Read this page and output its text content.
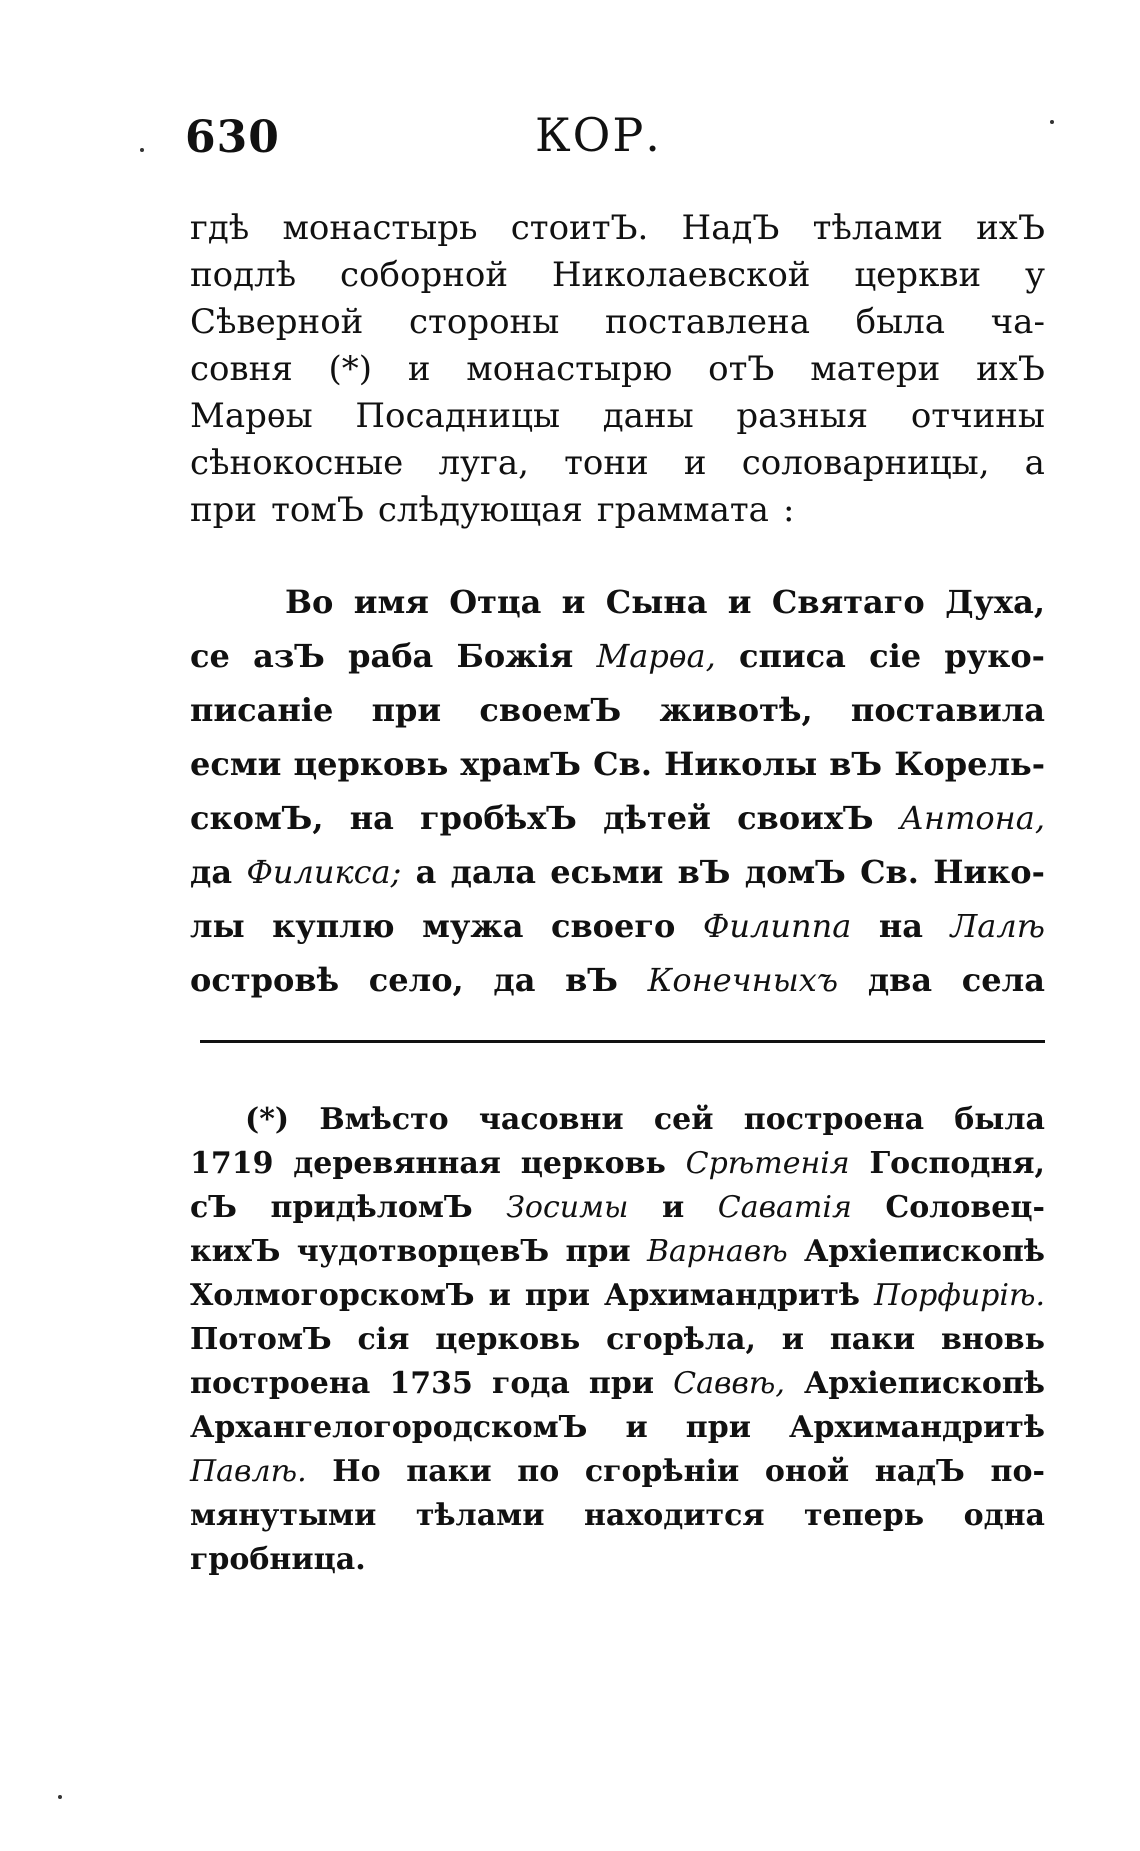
630	КОР.
гдѣ монастырь стоитЪ. НадЪ тѣлами ихЪ
подлѣ соборной Николаевской церкви у
Сѣверной стороны поставлена была ча-
совня (*) и монастырю отЪ матери ихЪ
Марѳы Посадницы даны разныя отчины
сѣнокосные луга, тони и соловарницы, а
при томЪ слѣдующая граммата :
Во имя Отца и Сына и Святаго Духа,
се азЪ раба Божія Марѳа, списа сіе руко-
писаніе при своемЪ животѣ, поставила
есми церковь храмЪ Св. Николы вЪ Корель-
скомЪ, на гробѣхЪ дѣтей своихЪ Антона,
да Филикса; а дала есьми вЪ домЪ Св. Нико-
лы куплю мужа своего Филиппа на Лалѣ
островѣ село, да вЪ Конечныхъ два села
(*) Вмѣсто часовни сей построена была
1719 деревянная церковь Срѣтенія Господня,
сЪ придѣломЪ Зосимы и Саватія Соловец-
кихЪ чудотворцевЪ при Варнавѣ Архіепископѣ
ХолмогорскомЪ и при Архимандритѣ Порфиріѣ.
ПотомЪ сія церковь сгорѣла, и паки вновь
построена 1735 года при Саввѣ, Архіепископѣ
АрхангелогородскомЪ и при Архимандритѣ
Павлѣ. Но паки по сгорѣніи оной надЪ по-
мянутыми тѣлами находится теперь одна
гробница.
